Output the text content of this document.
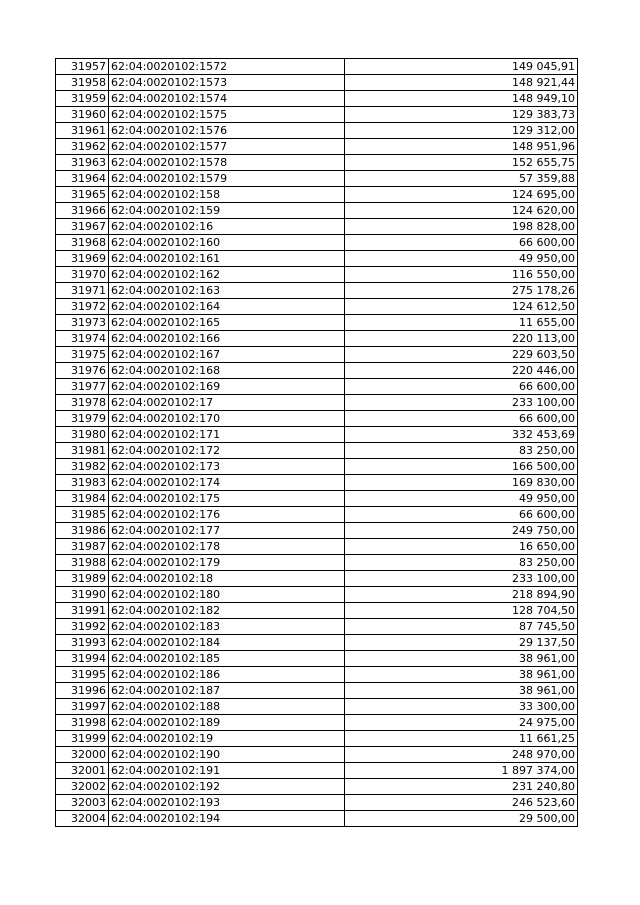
31957	62:04:0020102:1572	149 045,91
31958	62:04:0020102:1573	148 921,44
31959	62:04:0020102:1574	148 949,10
31960	62:04:0020102:1575	129 383,73
31961	62:04:0020102:1576	129 312,00
31962	62:04:0020102:1577	148 951,96
31963	62:04:0020102:1578	152 655,75
31964	62:04:0020102:1579	57 359,88
31965	62:04:0020102:158	124 695,00
31966	62:04:0020102:159	124 620,00
31967	62:04:0020102:16	198 828,00
31968	62:04:0020102:160	66 600,00
31969	62:04:0020102:161	49 950,00
31970	62:04:0020102:162	116 550,00
31971	62:04:0020102:163	275 178,26
31972	62:04:0020102:164	124 612,50
31973	62:04:0020102:165	11 655,00
31974	62:04:0020102:166	220 113,00
31975	62:04:0020102:167	229 603,50
31976	62:04:0020102:168	220 446,00
31977	62:04:0020102:169	66 600,00
31978	62:04:0020102:17	233 100,00
31979	62:04:0020102:170	66 600,00
31980	62:04:0020102:171	332 453,69
31981	62:04:0020102:172	83 250,00
31982	62:04:0020102:173	166 500,00
31983	62:04:0020102:174	169 830,00
31984	62:04:0020102:175	49 950,00
31985	62:04:0020102:176	66 600,00
31986	62:04:0020102:177	249 750,00
31987	62:04:0020102:178	16 650,00
31988	62:04:0020102:179	83 250,00
31989	62:04:0020102:18	233 100,00
31990	62:04:0020102:180	218 894,90
31991	62:04:0020102:182	128 704,50
31992	62:04:0020102:183	87 745,50
31993	62:04:0020102:184	29 137,50
31994	62:04:0020102:185	38 961,00
31995	62:04:0020102:186	38 961,00
31996	62:04:0020102:187	38 961,00
31997	62:04:0020102:188	33 300,00
31998	62:04:0020102:189	24 975,00
31999	62:04:0020102:19	11 661,25
32000	62:04:0020102:190	248 970,00
32001	62:04:0020102:191	1 897 374,00
32002	62:04:0020102:192	231 240,80
32003	62:04:0020102:193	246 523,60
32004	62:04:0020102:194	29 500,00
